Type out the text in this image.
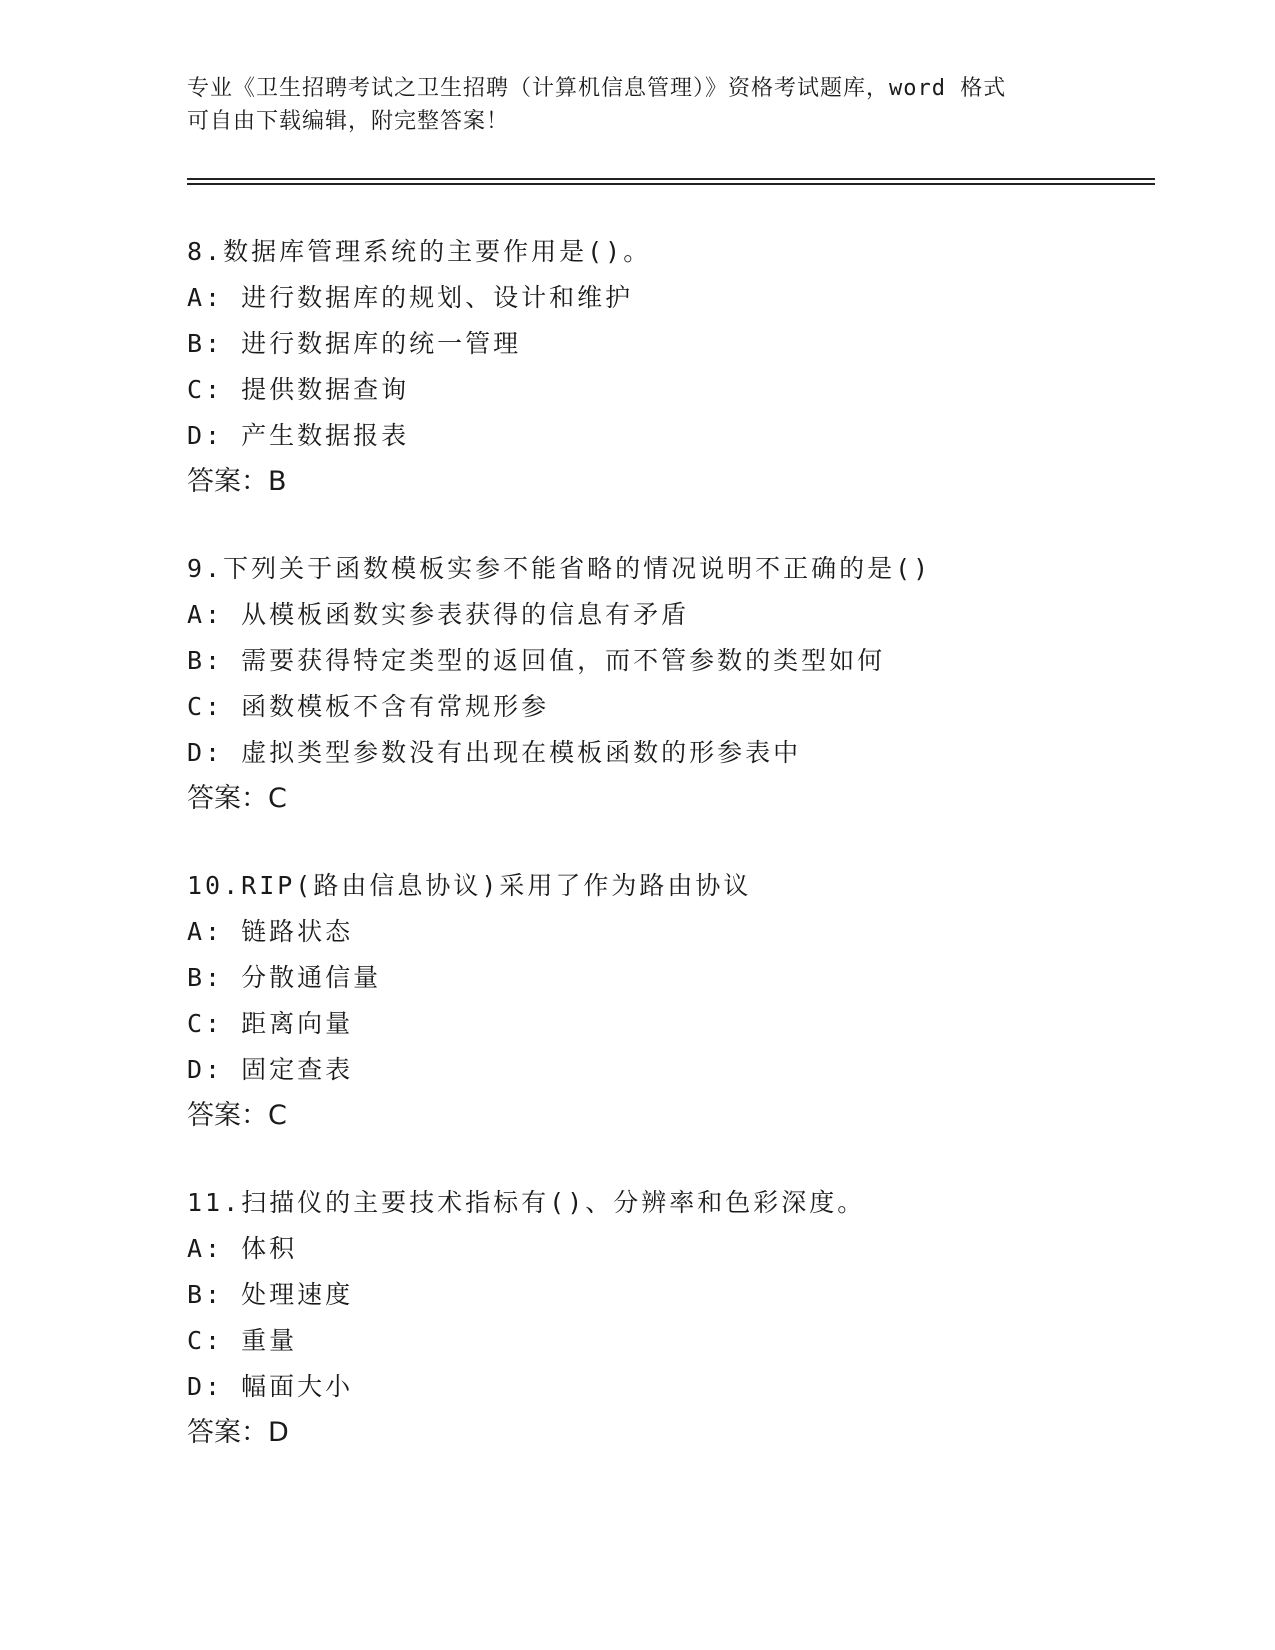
专业《卫生招聘考试之卫生招聘（计算机信息管理）》资格考试题库，word 格式
可自由下载编辑，附完整答案！
8.数据库管理系统的主要作用是()。
A: 进行数据库的规划、设计和维护
B: 进行数据库的统一管理
C: 提供数据查询
D: 产生数据报表
答案：B
9.下列关于函数模板实参不能省略的情况说明不正确的是()
A: 从模板函数实参表获得的信息有矛盾
B: 需要获得特定类型的返回值，而不管参数的类型如何
C: 函数模板不含有常规形参
D: 虚拟类型参数没有出现在模板函数的形参表中
答案：C
10.RIP(路由信息协议)采用了作为路由协议
A: 链路状态
B: 分散通信量
C: 距离向量
D: 固定查表
答案：C
11.扫描仪的主要技术指标有()、分辨率和色彩深度。
A: 体积
B: 处理速度
C: 重量
D: 幅面大小
答案：D
